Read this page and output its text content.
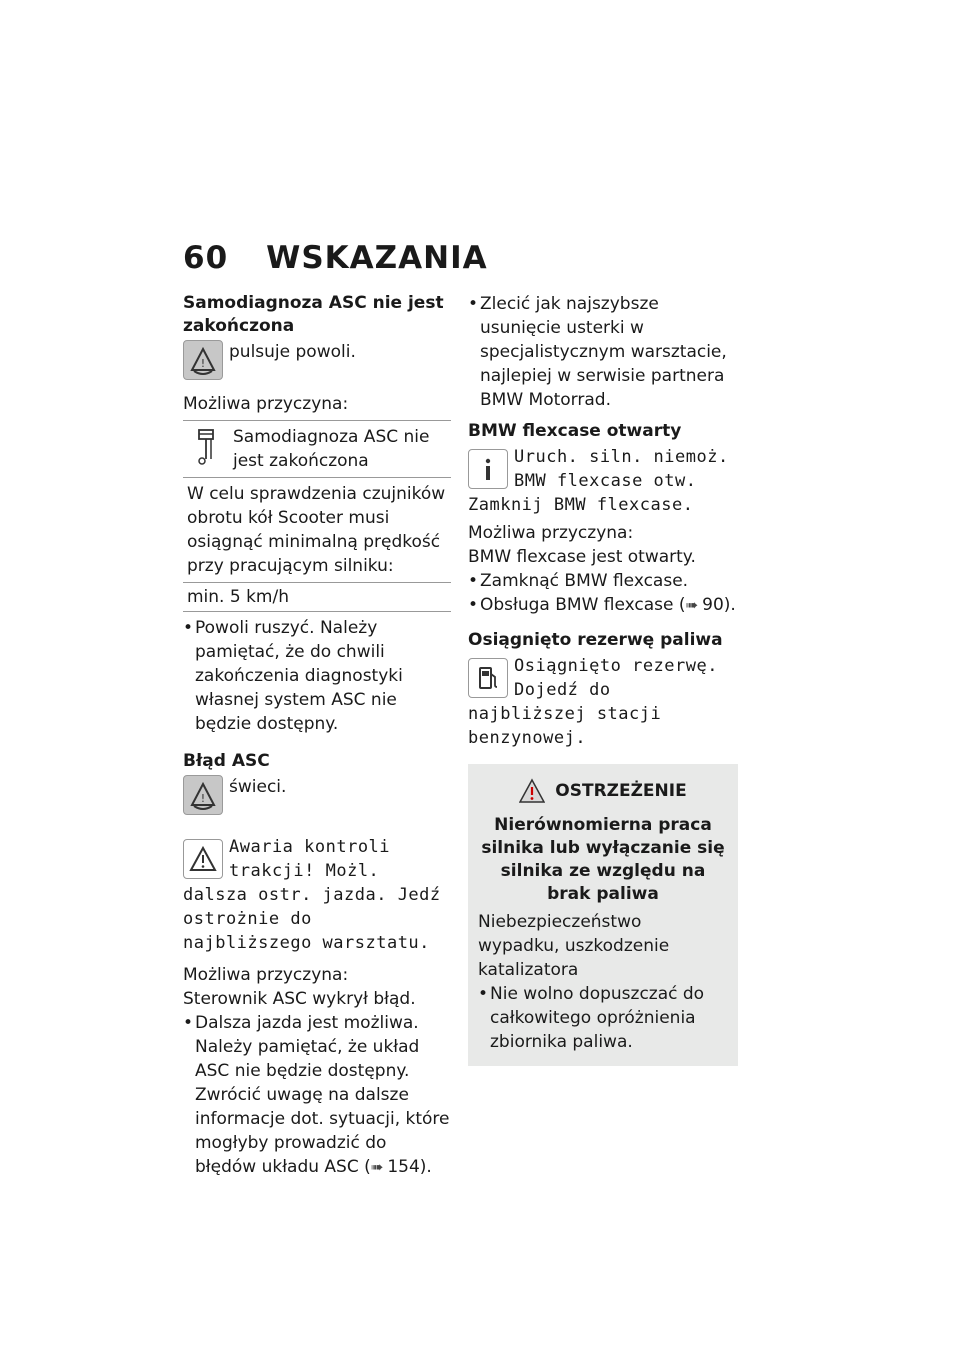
60 WSKAZANIA
Samodiagnoza ASC nie jest zakończona
!

pulsuje powoli.

Możliwa przyczyna:

Samodiagnoza ASC nie jest zakończona

W celu sprawdzenia czujników obrotu kół Scooter musi osiągnąć minimalną prędkość przy pracującym silniku:
min. 5 km/h
• Powoli ruszyć. Należy pamiętać, że do chwili zakończenia diagnostyki własnej system ASC nie będzie dostępny.
Błąd ASC
!

świeci.

Awaria kontroli trakcji! Możl. dalsza ostr. jazda. Jedź ostrożnie do najbliższego warsztatu.

Możliwa przyczyna:

Sterownik ASC wykrył błąd.

• Dalsza jazda jest możliwa. Należy pamiętać, że układ ASC nie będzie dostępny. Zwrócić uwagę na dalsze informacje dot. sytuacji, które mogłyby prowadzić do błędów układu ASC (➠ 154).
• Zlecić jak najszybsze usunięcie usterki w specjalistycznym warsztacie, najlepiej w serwisie partnera BMW Motorrad.
BMW flexcase otwarty
Uruch. siln. niemoż. BMW flexcase otw. Zamknij BMW flexcase.

Możliwa przyczyna:

BMW flexcase jest otwarty.

• Zamknąć BMW flexcase.
• Obsługa BMW flexcase (➠ 90).
Osiągnięto rezerwę paliwa
Osiągnięto rezerwę. Dojedź do najbliższej stacji benzynowej.
OSTRZEŻENIE
Nierównomierna praca silnika lub wyłączanie się silnika ze względu na brak paliwa

Niebezpieczeństwo wypadku, uszkodzenie katalizatora

• Nie wolno dopuszczać do całkowitego opróżnienia zbiornika paliwa.
